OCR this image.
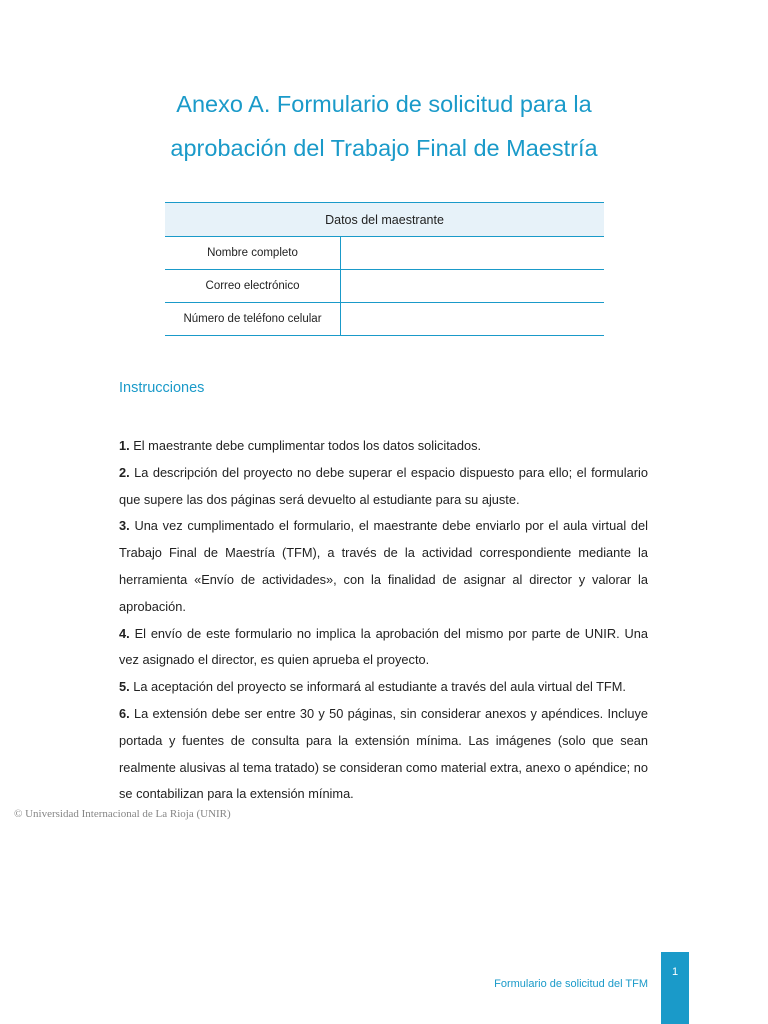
Anexo A. Formulario de solicitud para la
aprobación del Trabajo Final de Maestría
Datos del maestrante	
Nombre completo	
Correo electrónico	
Número de teléfono celular	
Instrucciones
1. El maestrante debe cumplimentar todos los datos solicitados.
2. La descripción del proyecto no debe superar el espacio dispuesto para ello; el formulario que supere las dos páginas será devuelto al estudiante para su ajuste.
3. Una vez cumplimentado el formulario, el maestrante debe enviarlo por el aula virtual del Trabajo Final de Maestría (TFM), a través de la actividad correspondiente mediante la herramienta «Envío de actividades», con la finalidad de asignar al director y valorar la aprobación.
4. El envío de este formulario no implica la aprobación del mismo por parte de UNIR. Una vez asignado el director, es quien aprueba el proyecto.
5. La aceptación del proyecto se informará al estudiante a través del aula virtual del TFM.
6. La extensión debe ser entre 30 y 50 páginas, sin considerar anexos y apéndices. Incluye portada y fuentes de consulta para la extensión mínima. Las imágenes (solo que sean realmente alusivas al tema tratado) se consideran como material extra, anexo o apéndice; no se contabilizan para la extensión mínima.
© Universidad Internacional de La Rioja (UNIR)
Formulario de solicitud del TFM
1
